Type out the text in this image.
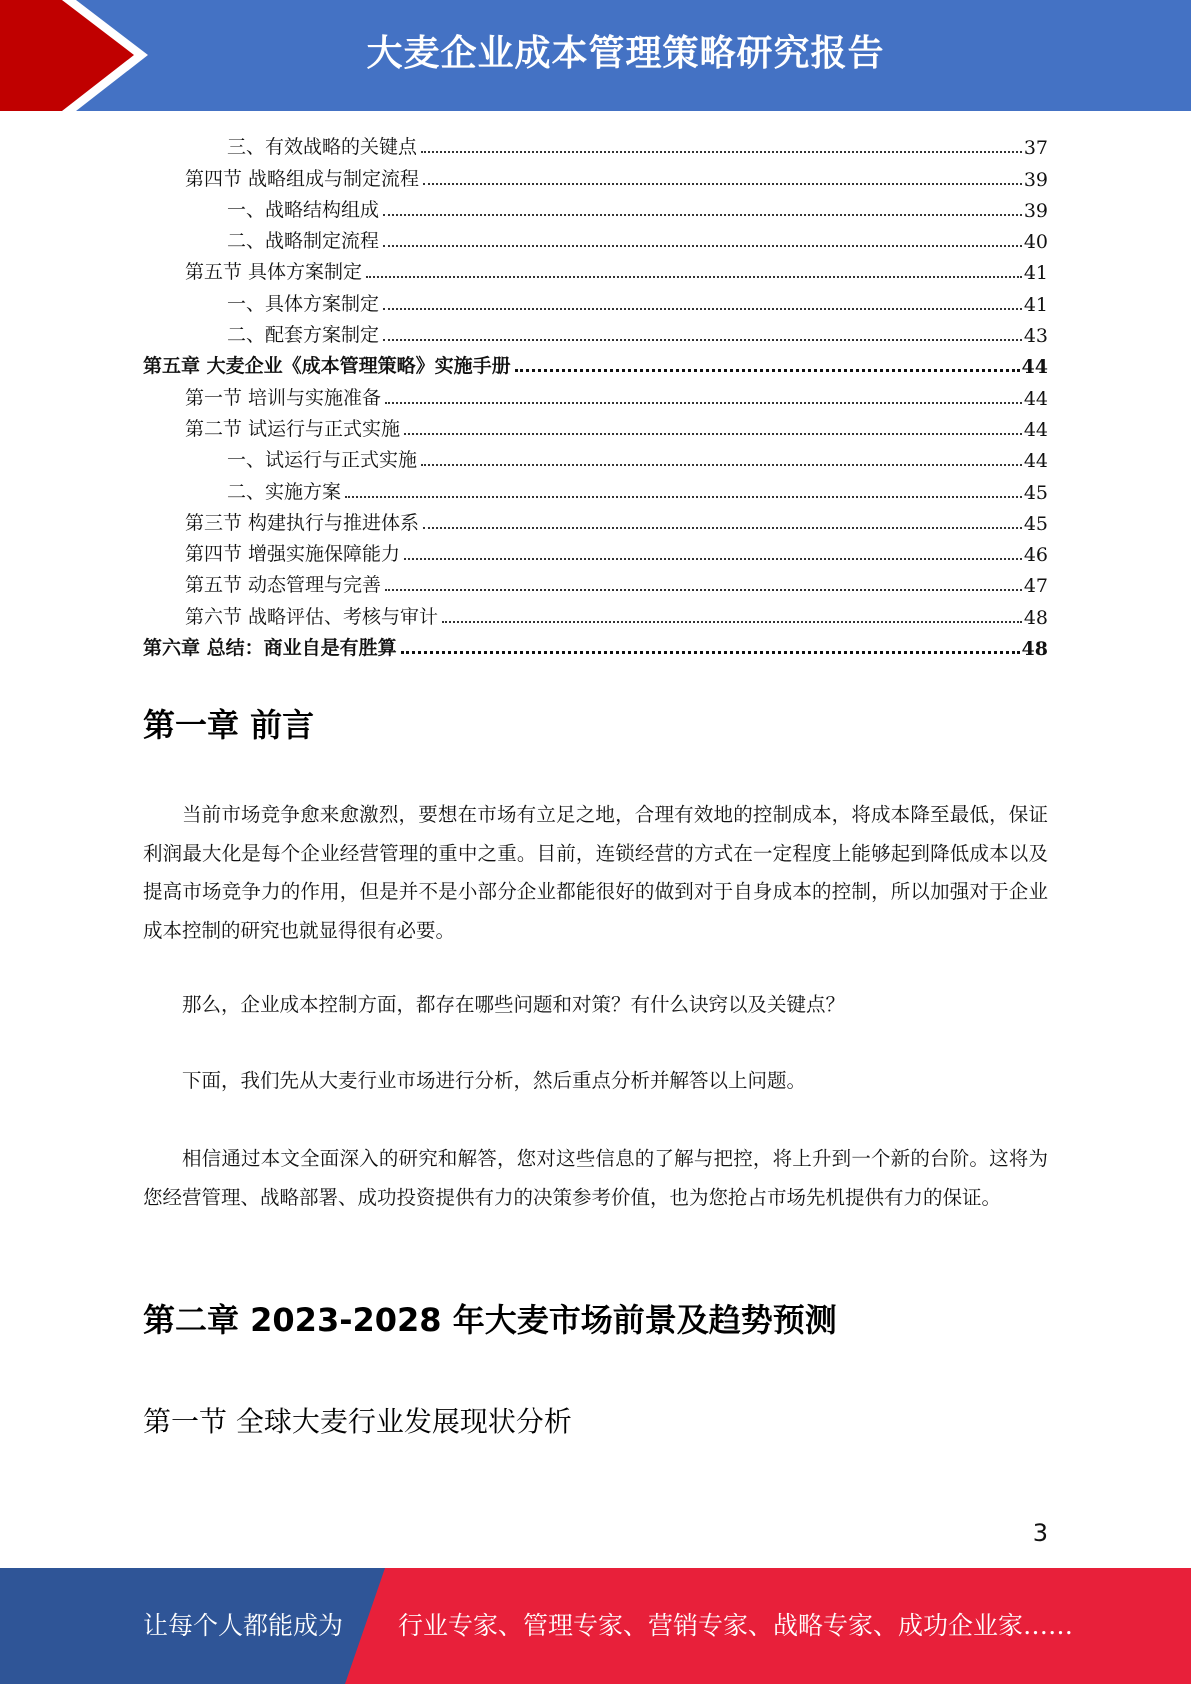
大麦企业成本管理策略研究报告
三、有效战略的关键点	37
第四节 战略组成与制定流程	39
一、战略结构组成	39
二、战略制定流程	40
第五节 具体方案制定	41
一、具体方案制定	41
二、配套方案制定	43
第五章 大麦企业《成本管理策略》实施手册	44
第一节 培训与实施准备	44
第二节 试运行与正式实施	44
一、试运行与正式实施	44
二、实施方案	45
第三节 构建执行与推进体系	45
第四节 增强实施保障能力	46
第五节 动态管理与完善	47
第六节 战略评估、考核与审计	48
第六章 总结：商业自是有胜算	48
第一章 前言

当前市场竞争愈来愈激烈，要想在市场有立足之地，合理有效地的控制成本，将成本降至最低，保证利润最大化是每个企业经营管理的重中之重。目前，连锁经营的方式在一定程度上能够起到降低成本以及提高市场竞争力的作用，但是并不是小部分企业都能很好的做到对于自身成本的控制，所以加强对于企业成本控制的研究也就显得很有必要。

那么，企业成本控制方面，都存在哪些问题和对策？有什么诀窍以及关键点？

下面，我们先从大麦行业市场进行分析，然后重点分析并解答以上问题。

相信通过本文全面深入的研究和解答，您对这些信息的了解与把控，将上升到一个新的台阶。这将为您经营管理、战略部署、成功投资提供有力的决策参考价值，也为您抢占市场先机提供有力的保证。

第二章 2023-2028 年大麦市场前景及趋势预测
第一节 全球大麦行业发展现状分析
3
让每个人都能成为 行业专家、管理专家、营销专家、战略专家、成功企业家……
